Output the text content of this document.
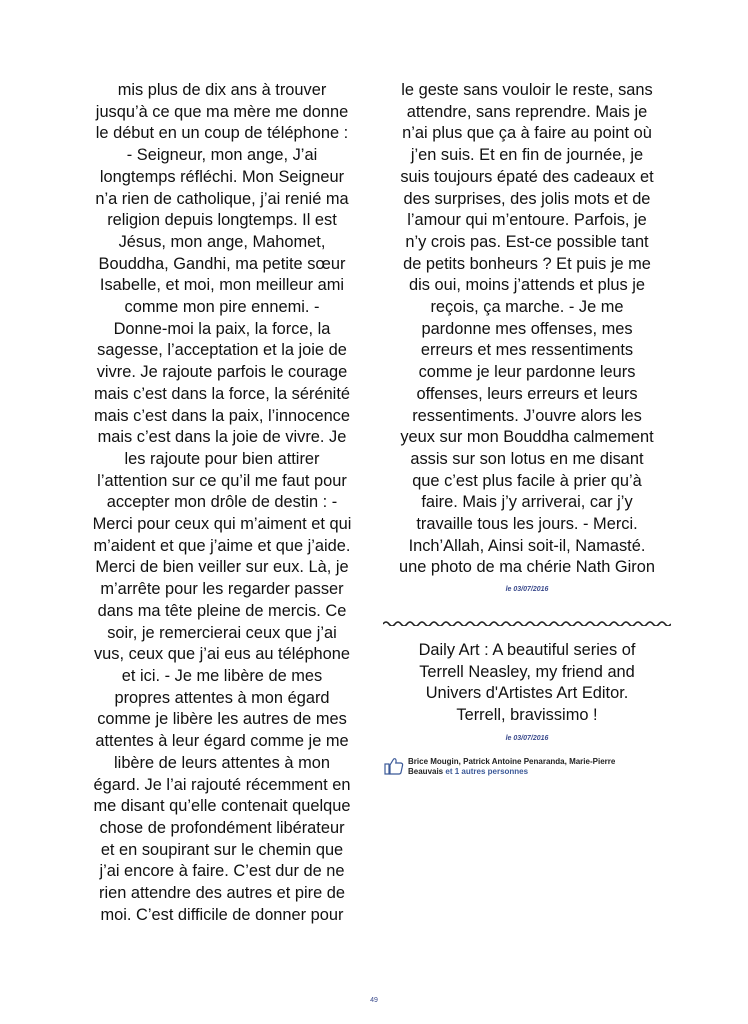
mis plus de dix ans à trouver

jusqu’à ce que ma mère me donne

le début en un coup de téléphone :

- Seigneur, mon ange, J’ai

longtemps réfléchi. Mon Seigneur

n’a rien de catholique, j’ai renié ma

religion depuis longtemps. Il est

Jésus, mon ange, Mahomet,

Bouddha, Gandhi, ma petite sœur

Isabelle, et moi, mon meilleur ami

comme mon pire ennemi. -

Donne-moi la paix, la force, la

sagesse, l’acceptation et la joie de

vivre. Je rajoute parfois le courage

mais c’est dans la force, la sérénité

mais c’est dans la paix, l’innocence

mais c’est dans la joie de vivre. Je

les rajoute pour bien attirer

l’attention sur ce qu’il me faut pour

accepter mon drôle de destin : -

Merci pour ceux qui m’aiment et qui

m’aident et que j’aime et que j’aide.

Merci de bien veiller sur eux. Là, je

m’arrête pour les regarder passer

dans ma tête pleine de mercis. Ce

soir, je remercierai ceux que j’ai

vus, ceux que j’ai eus au téléphone

et ici. - Je me libère de mes

propres attentes à mon égard

comme je libère les autres de mes

attentes à leur égard comme je me

libère de leurs attentes à mon

égard. Je l’ai rajouté récemment en

me disant qu’elle contenait quelque

chose de profondément libérateur

et en soupirant sur le chemin que

j’ai encore à faire. C’est dur de ne

rien attendre des autres et pire de

moi. C’est difficile de donner pour

le geste sans vouloir le reste, sans

attendre, sans reprendre. Mais je

n’ai plus que ça à faire au point où

j’en suis. Et en fin de journée, je

suis toujours épaté des cadeaux et

des surprises, des jolis mots et de

l’amour qui m’entoure. Parfois, je

n’y crois pas. Est-ce possible tant

de petits bonheurs ? Et puis je me

dis oui, moins j’attends et plus je

reçois, ça marche. - Je me

pardonne mes offenses, mes

erreurs et mes ressentiments

comme je leur pardonne leurs

offenses, leurs erreurs et leurs

ressentiments. J’ouvre alors les

yeux sur mon Bouddha calmement

assis sur son lotus en me disant

que c’est plus facile à prier qu’à

faire. Mais j’y arriverai, car j’y

travaille tous les jours. - Merci.

Inch’Allah, Ainsi soit-il, Namasté.

une photo de ma chérie Nath Giron

le 03/07/2016

Daily Art : A beautiful series of

Terrell Neasley, my friend and

Univers d'Artistes Art Editor.

Terrell, bravissimo !

le 03/07/2016

Brice Mougin, Patrick Antoine Penaranda, Marie-Pierre
Beauvais et 1 autres personnes
49
